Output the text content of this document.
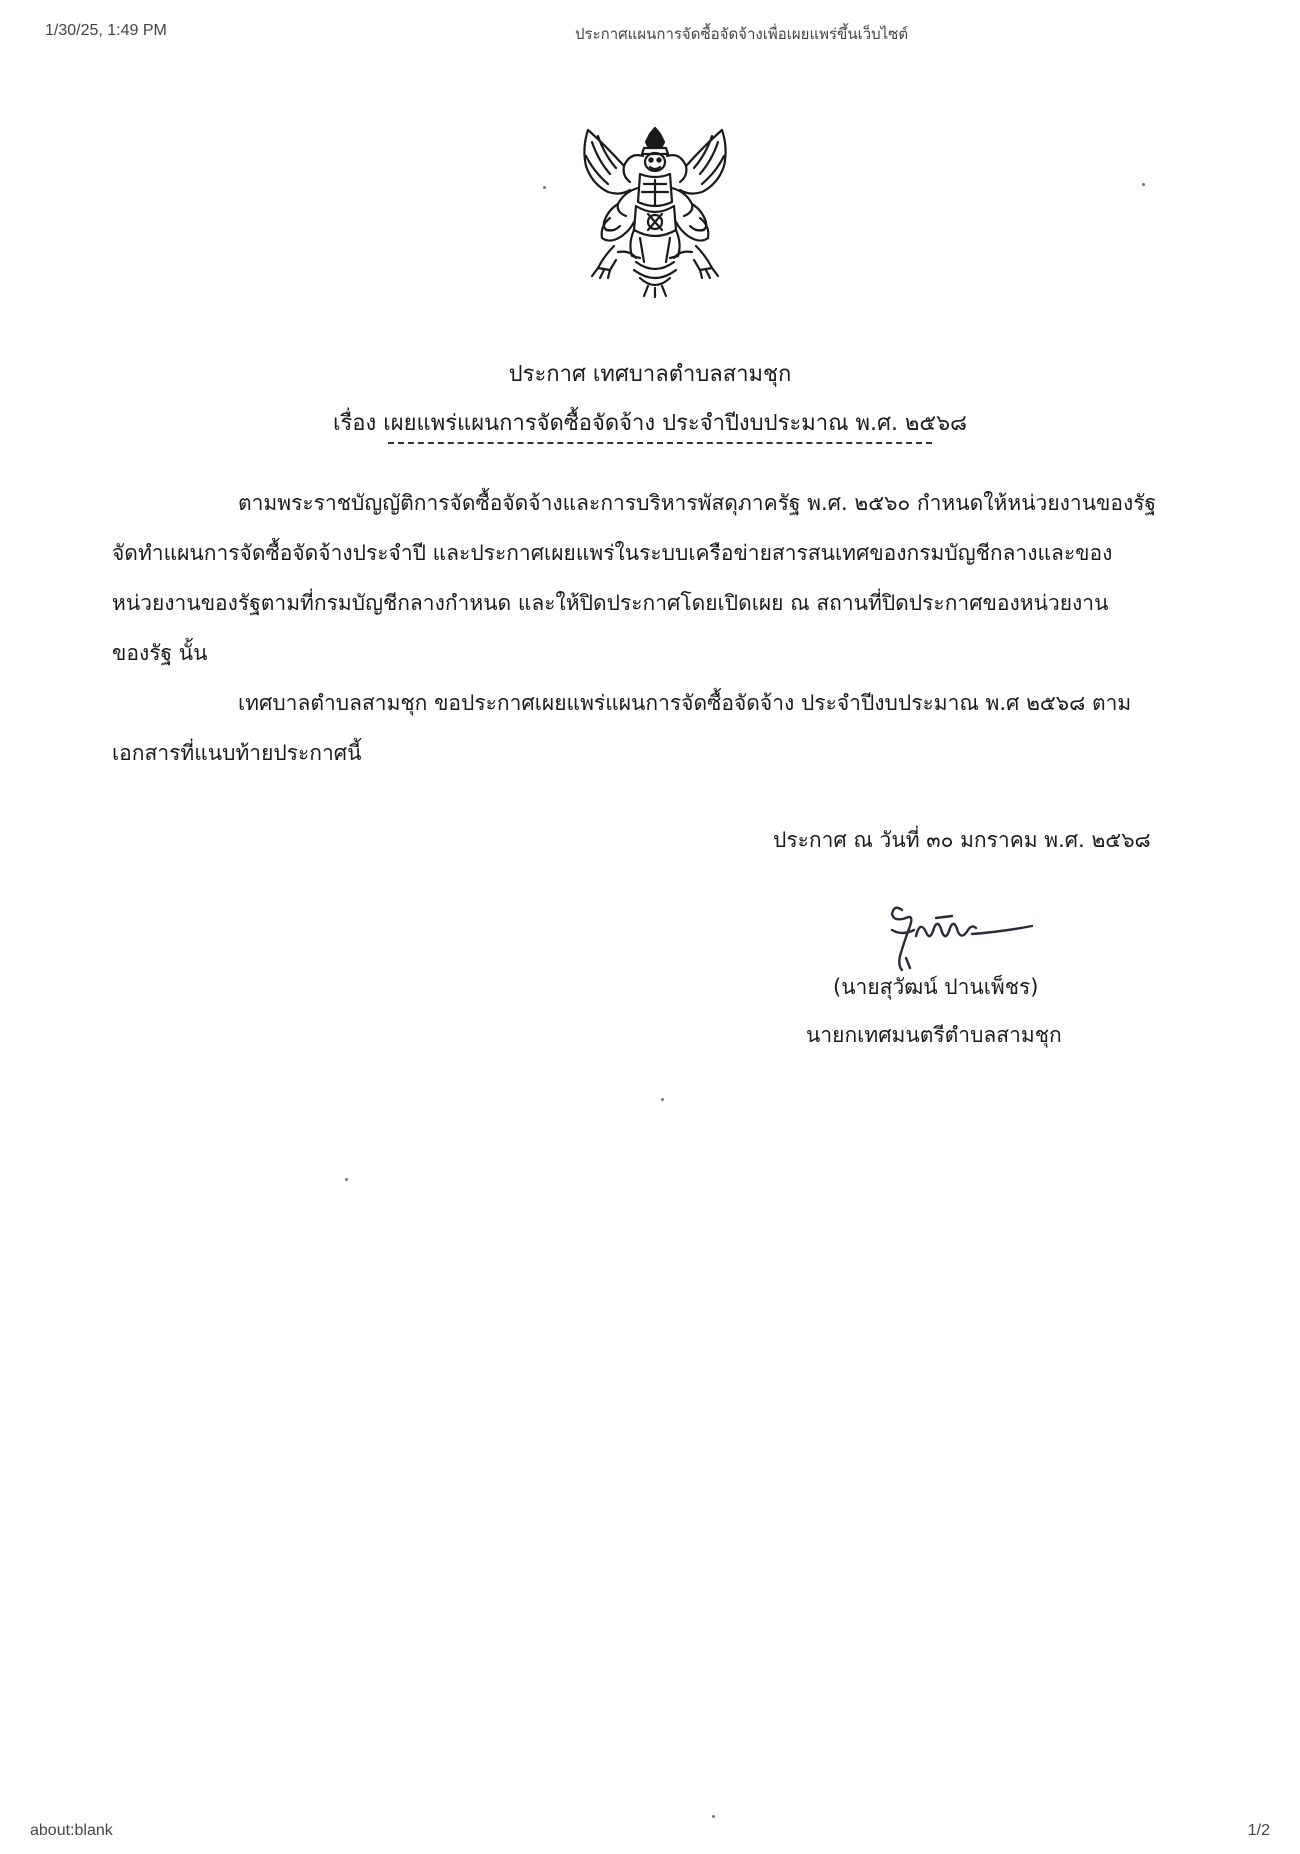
1/30/25, 1:49 PM	ประกาศแผนการจัดซื้อจัดจ้างเพื่อเผยแพร่ขึ้นเว็บไซต์
ประกาศ เทศบาลตำบลสามชุก
เรื่อง เผยแพร่แผนการจัดซื้อจัดจ้าง ประจำปีงบประมาณ พ.ศ. ๒๕๖๘
ตามพระราชบัญญัติการจัดซื้อจัดจ้างและการบริหารพัสดุภาครัฐ พ.ศ. ๒๕๖๐ กำหนดให้หน่วยงานของรัฐ
จัดทำแผนการจัดซื้อจัดจ้างประจำปี และประกาศเผยแพร่ในระบบเครือข่ายสารสนเทศของกรมบัญชีกลางและของ
หน่วยงานของรัฐตามที่กรมบัญชีกลางกำหนด และให้ปิดประกาศโดยเปิดเผย ณ สถานที่ปิดประกาศของหน่วยงาน
ของรัฐ นั้น
เทศบาลตำบลสามชุก ขอประกาศเผยแพร่แผนการจัดซื้อจัดจ้าง ประจำปีงบประมาณ พ.ศ ๒๕๖๘ ตาม
เอกสารที่แนบท้ายประกาศนี้
ประกาศ ณ วันที่ ๓๐ มกราคม พ.ศ. ๒๕๖๘
(นายสุวัฒน์ ปานเพ็ชร)
นายกเทศมนตรีตำบลสามชุก
about:blank	1/2
